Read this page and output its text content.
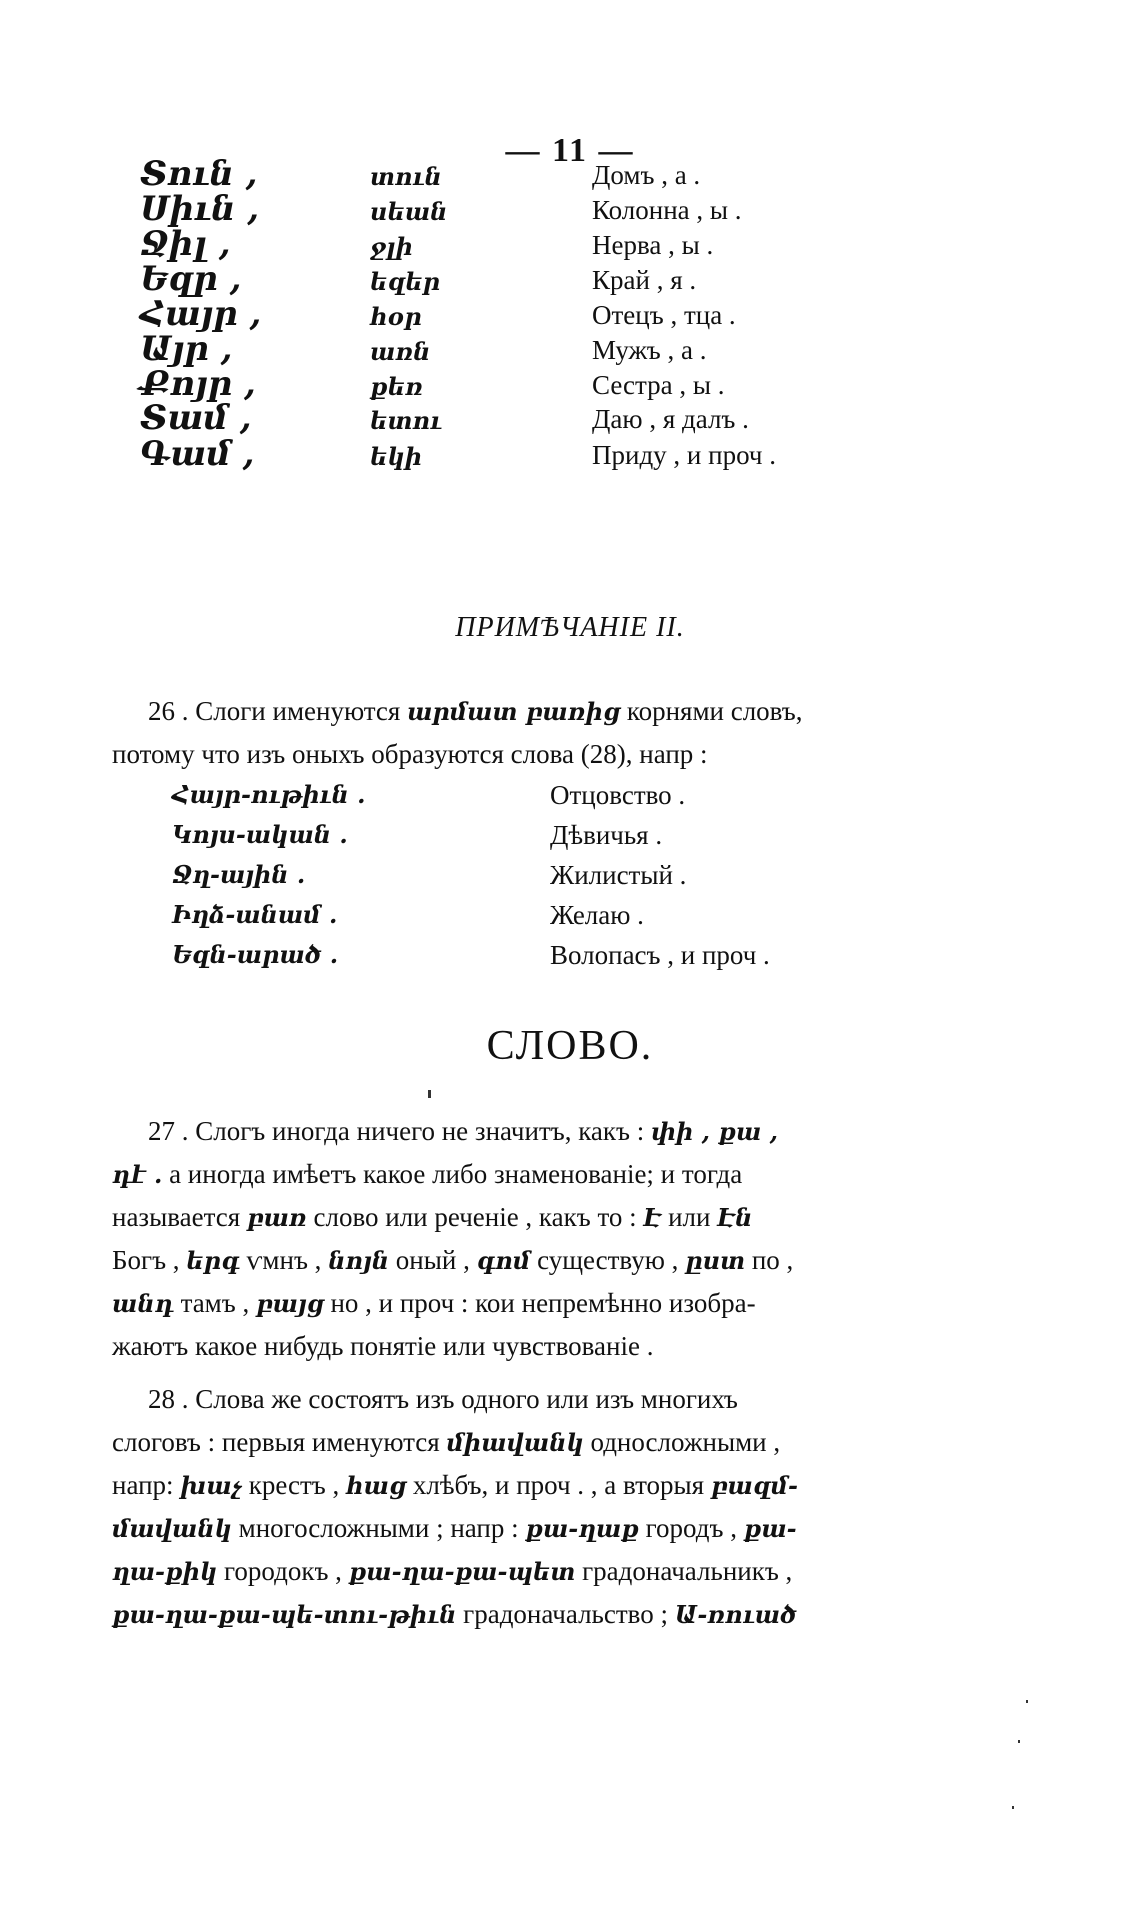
— 11 —
Տուն ,	տուն	Домъ , а .
Սիւն ,	սեան	Колонна , ы .
Ջիլ ,	ջլի	Нерва , ы .
Եզր ,	եզեր	Край , я .
Հայր ,	հօր	Отецъ , тца .
Այր ,	առն	Мужъ , а .
Քոյր ,	քեռ	Сестра , ы .
Տամ ,	ետու	Даю , я далъ .
Գամ ,	եկի	Приду , и проч .
ПРИМѢЧАНІЕ II.
26 . Слоги именуются արմատ բառից корнями словъ,
потому что изъ оныхъ образуются слова (28), напр :
Հայր-ութիւն .	Отцовство .
Կոյս-ական .	Дѣвичья .
Ջղ-ային .	Жилистый .
Իղձ-անամ .	Желаю .
Եզն-արած .	Волопасъ , и проч .
СЛОВО.
27 . Слогъ иногда ничего не значитъ, какъ : փի , քա ,
դէ . а иногда имѣетъ какое либо знаменованіе; и тогда
называется բառ слово или реченіе , какъ то : Է или Էն
Богъ , երգ ѵмнъ , նոյն оный , գոմ существую , ըստ по ,
անդ тамъ , բայց но , и проч : кои непремѣнно изобра-
жаютъ какое нибудь понятіе или чувствованіе .
28 . Слова же состоятъ изъ одного или изъ многихъ
слоговъ : первыя именуются միավանկ односложными ,
напр: խաչ крестъ , հաց хлѣбъ, и проч . , а вторыя բազմ-
մավանկ многосложными ; напр : քա-ղաք городъ , քա-
ղա-քիկ городокъ , քա-ղա-քա-պետ градоначальникъ ,
քա-ղա-քա-պե-տու-թիւն градоначальство ; Ա-ռուած
